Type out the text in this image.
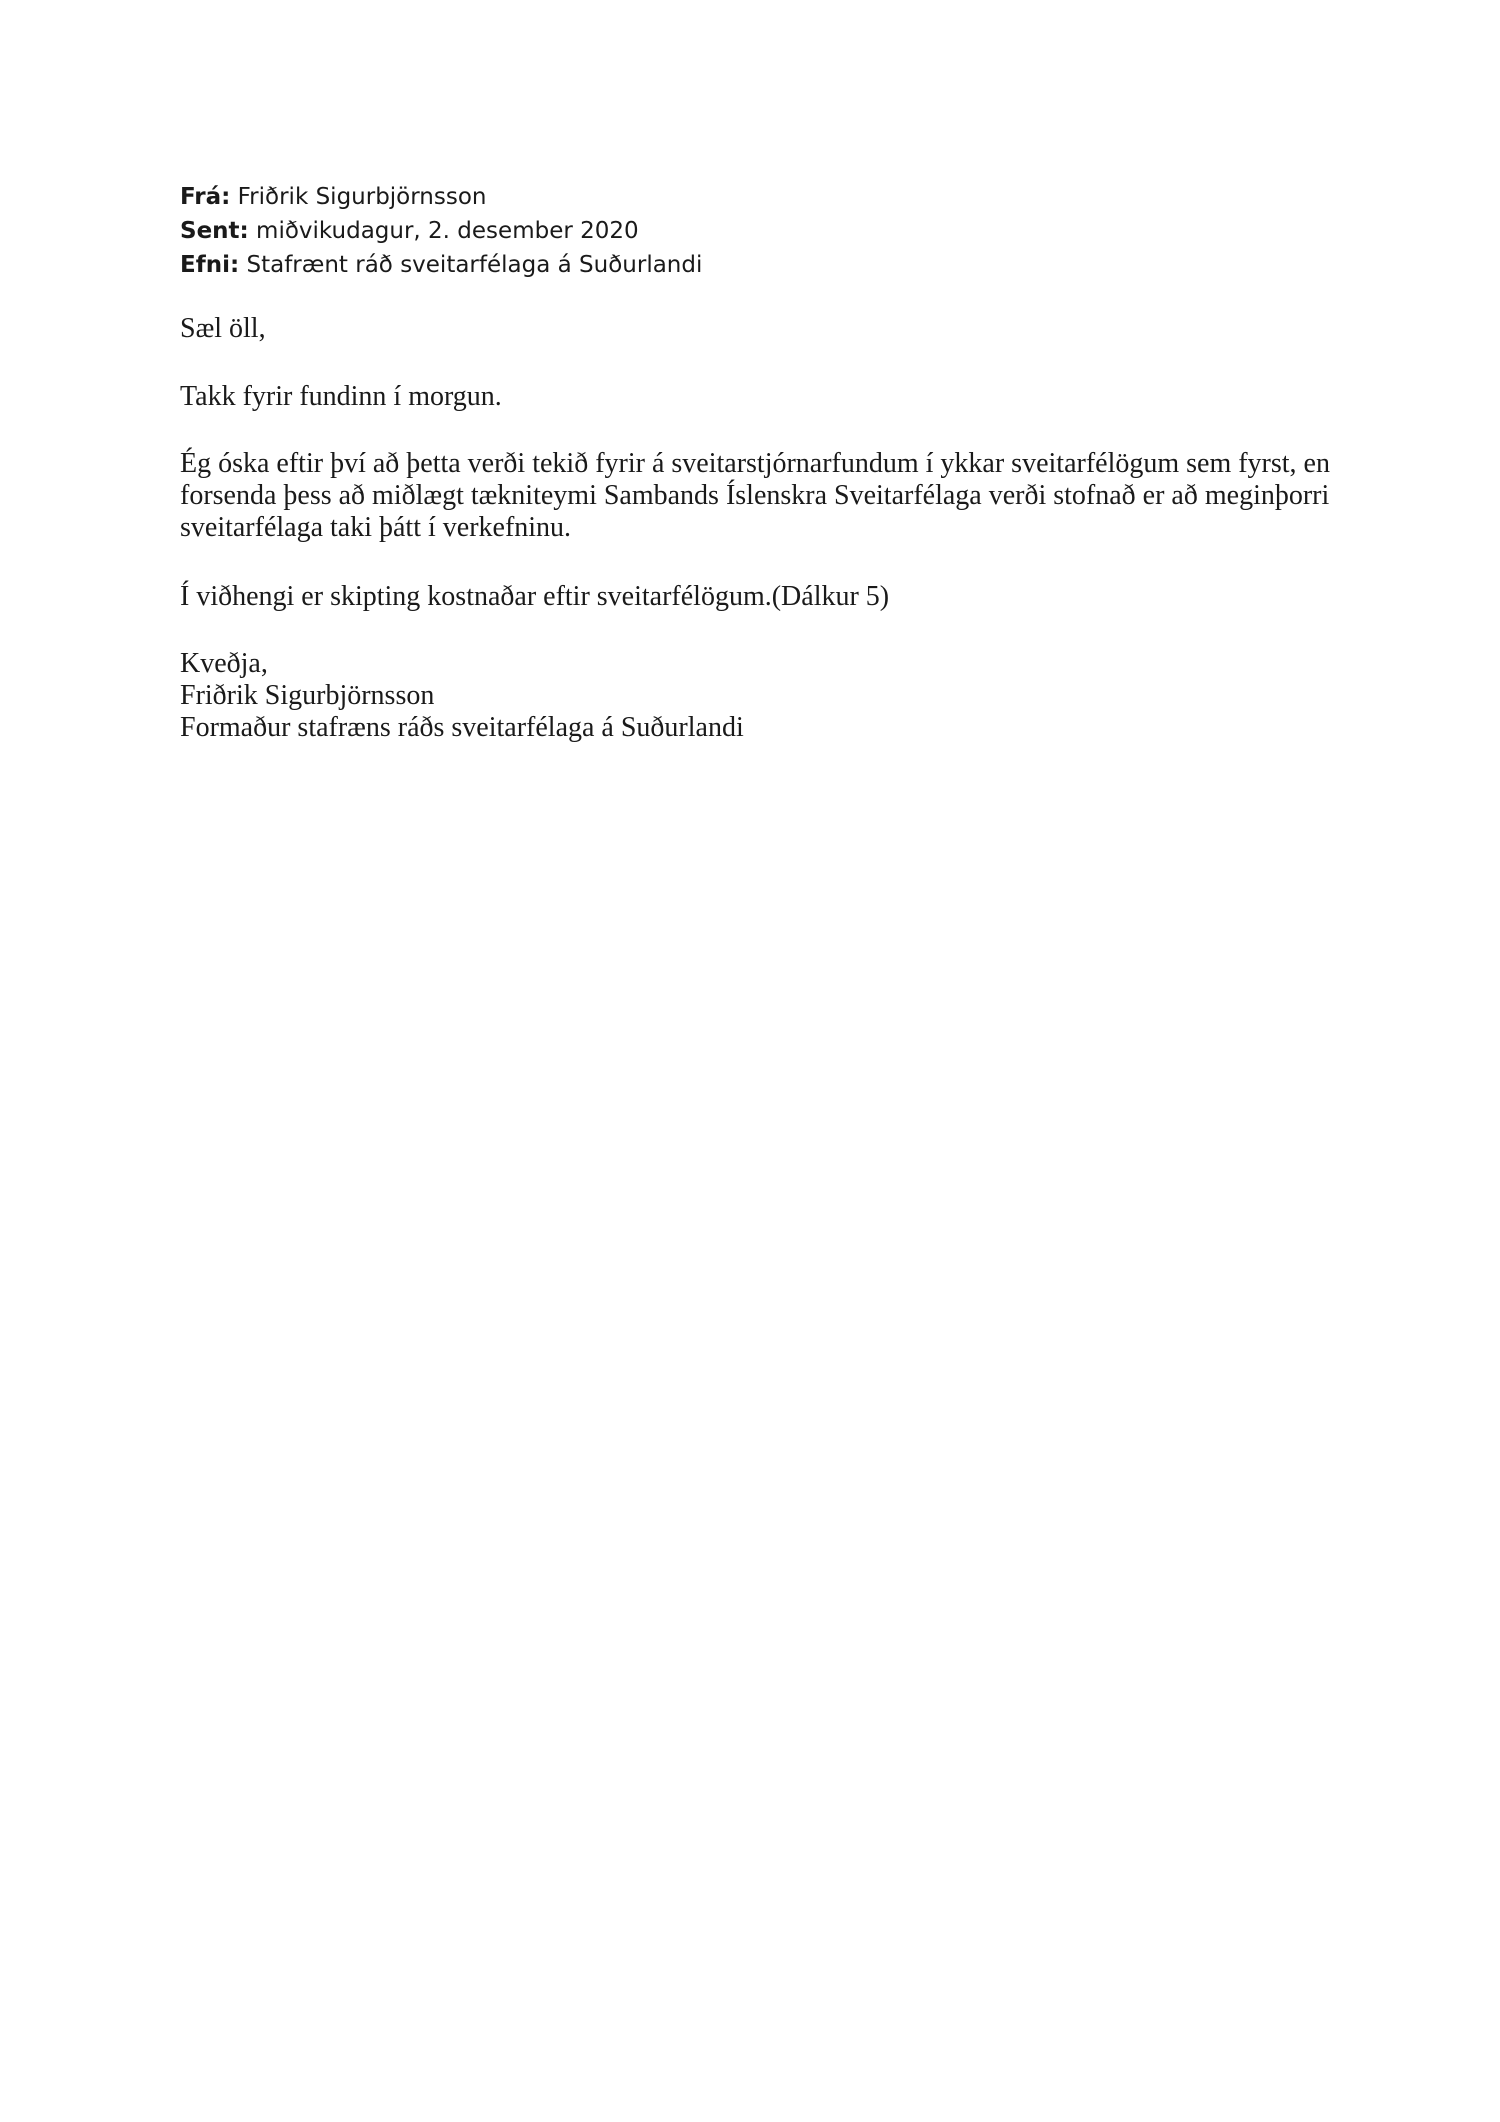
Frá: Friðrik Sigurbjörnsson
Sent: miðvikudagur, 2. desember 2020
Efni: Stafrænt ráð sveitarfélaga á Suðurlandi
Sæl öll,
Takk fyrir fundinn í morgun.
Ég óska eftir því að þetta verði tekið fyrir á sveitarstjórnarfundum í ykkar sveitarfélögum sem fyrst, en forsenda þess að miðlægt tækniteymi Sambands Íslenskra Sveitarfélaga verði stofnað er að meginþorri sveitarfélaga taki þátt í verkefninu.
Í viðhengi er skipting kostnaðar eftir sveitarfélögum.(Dálkur 5)
Kveðja,
Friðrik Sigurbjörnsson
Formaður stafræns ráðs sveitarfélaga á Suðurlandi
